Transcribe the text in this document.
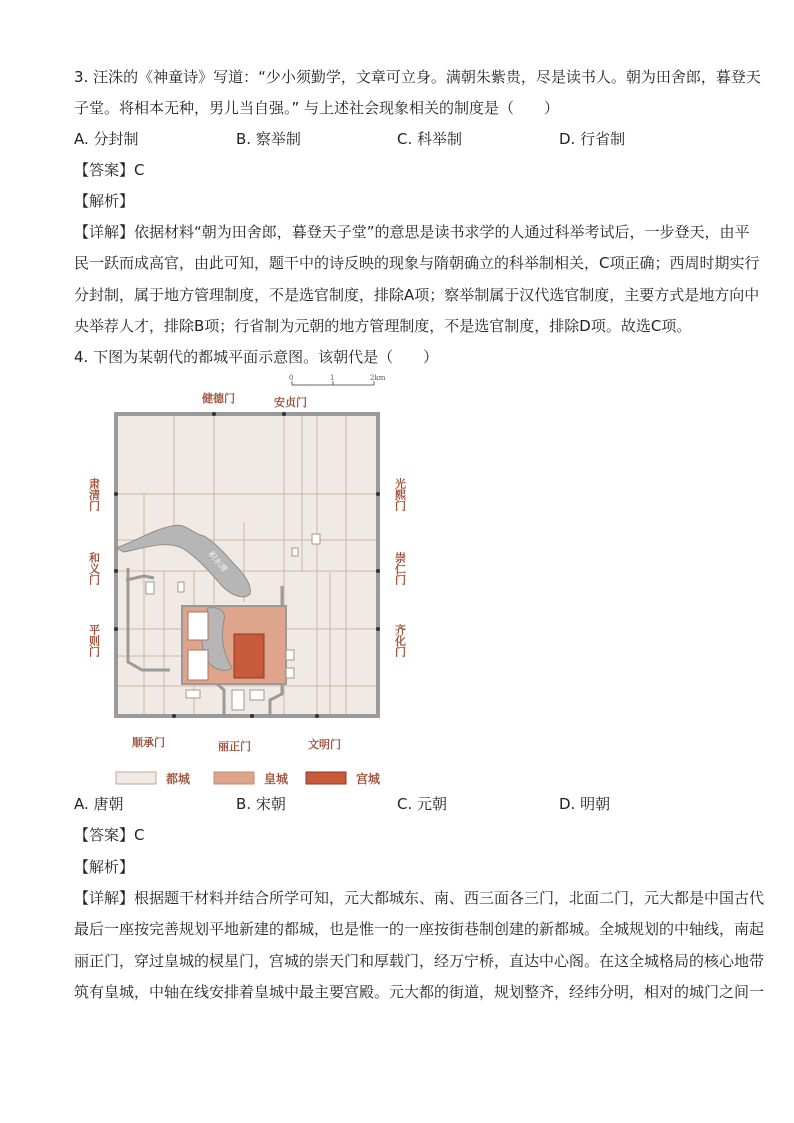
3. 汪洙的《神童诗》写道：“少小须勤学，文章可立身。满朝朱紫贵，尽是读书人。朝为田舍郎，暮登天
子堂。将相本无种，男儿当自强。” 与上述社会现象相关的制度是（　　）
A. 分封制	B. 察举制	C. 科举制	D. 行省制
【答案】C
【解析】
【详解】依据材料“朝为田舍郎，暮登天子堂”的意思是读书求学的人通过科举考试后，一步登天，由平
民一跃而成高官，由此可知，题干中的诗反映的现象与隋朝确立的科举制相关，C项正确；西周时期实行
分封制，属于地方管理制度，不是选官制度，排除A项；察举制属于汉代选官制度，主要方式是地方向中
央举荐人才，排除B项；行省制为元朝的地方管理制度，不是选官制度，排除D项。故选C项。
4. 下图为某朝代的都城平面示意图。该朝代是（　　）
0	1	2km
积水潭
健德门	安贞门
顺承门	丽正门	文明门
肃清门
和义门
平则门
光熙门
崇仁门
齐化门
都城	皇城	宫城
A. 唐朝	B. 宋朝	C. 元朝	D. 明朝
【答案】C
【解析】
【详解】根据题干材料并结合所学可知，元大都城东、南、西三面各三门，北面二门，元大都是中国古代
最后一座按完善规划平地新建的都城，也是惟一的一座按街巷制创建的新都城。全城规划的中轴线，南起
丽正门，穿过皇城的棂星门，宫城的崇天门和厚载门，经万宁桥，直达中心阁。在这全城格局的核心地带
筑有皇城，中轴在线安排着皇城中最主要宫殿。元大都的街道，规划整齐，经纬分明，相对的城门之间一
